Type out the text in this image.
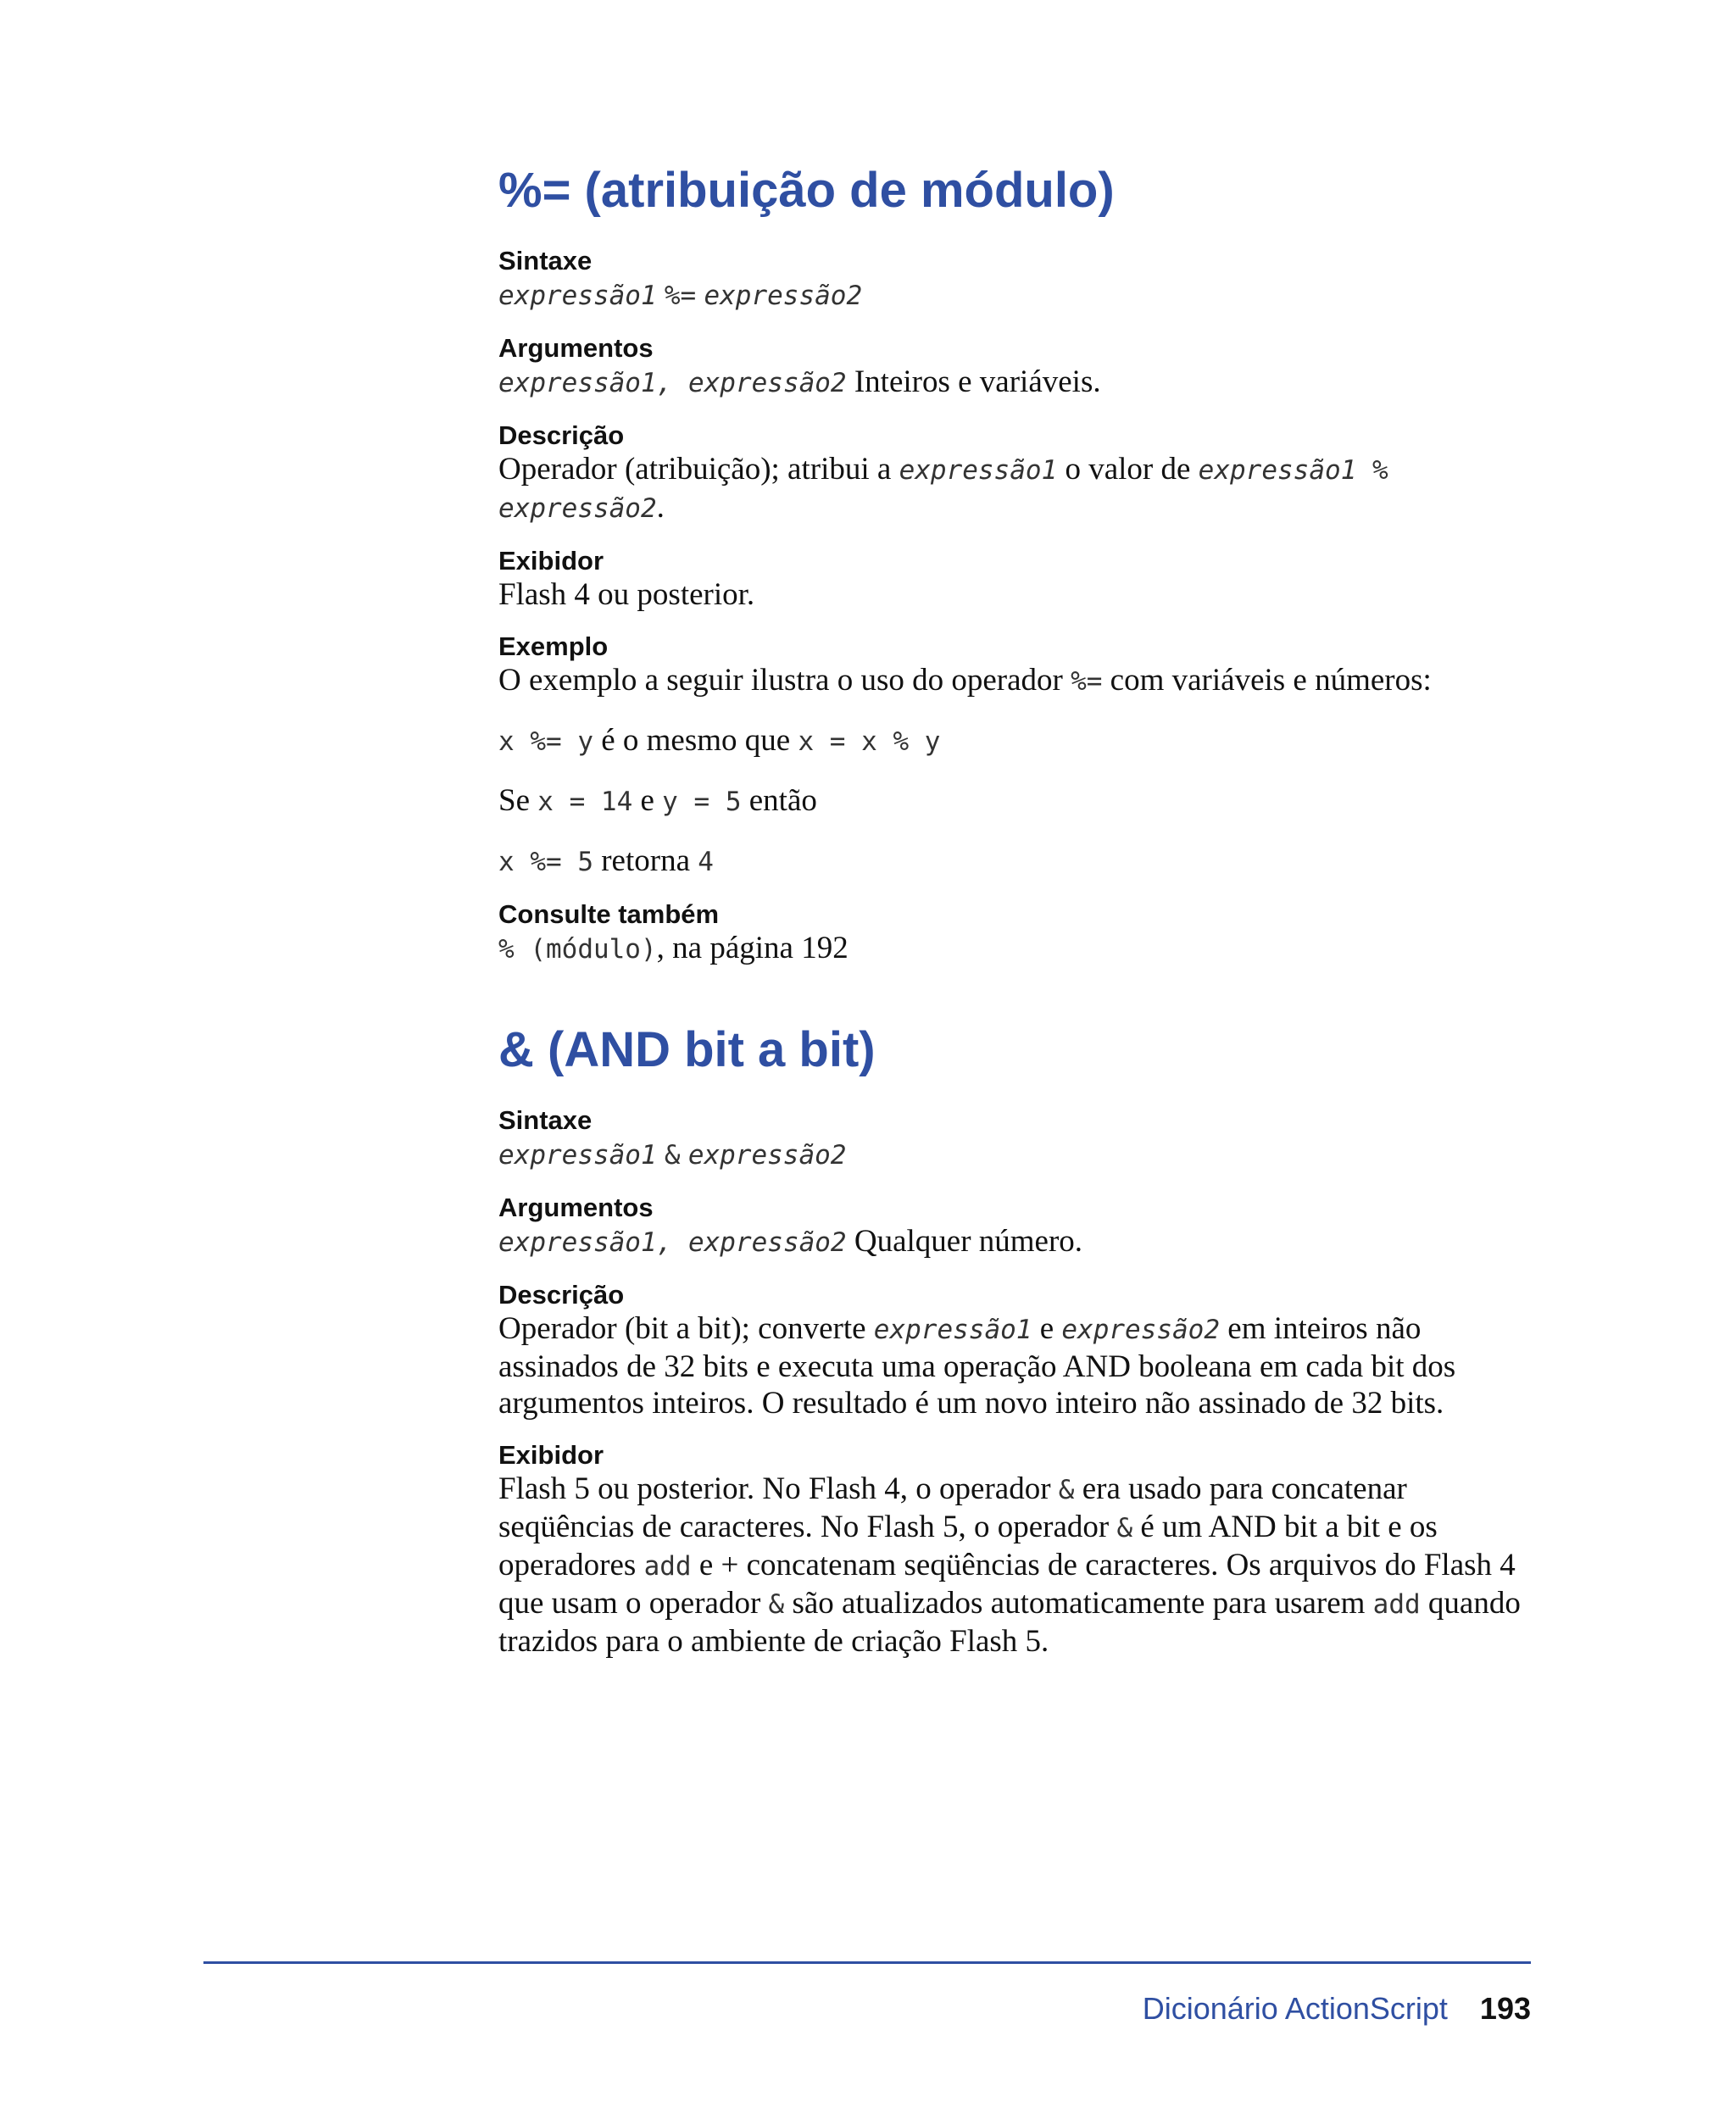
%= (atribuição de módulo)

Sintaxe

expressão1 %= expressão2

Argumentos

expressão1, expressão2 Inteiros e variáveis.

Descrição

Operador (atribuição); atribui a expressão1 o valor de expressão1 %
expressão2.

Exibidor

Flash 4 ou posterior.

Exemplo

O exemplo a seguir ilustra o uso do operador %= com variáveis e números:

x %= y é o mesmo que x = x % y

Se x = 14 e y = 5 então

x %= 5 retorna 4

Consulte também

% (módulo), na página 192

& (AND bit a bit)

Sintaxe

expressão1 & expressão2

Argumentos

expressão1, expressão2 Qualquer número.

Descrição

Operador (bit a bit); converte expressão1 e expressão2 em inteiros não assinados de 32 bits e executa uma operação AND booleana em cada bit dos argumentos inteiros. O resultado é um novo inteiro não assinado de 32 bits.

Exibidor

Flash 5 ou posterior. No Flash 4, o operador & era usado para concatenar seqüências de caracteres. No Flash 5, o operador & é um AND bit a bit e os operadores add e + concatenam seqüências de caracteres. Os arquivos do Flash 4 que usam o operador & são atualizados automaticamente para usarem add quando trazidos para o ambiente de criação Flash 5.

Dicionário ActionScript 193
